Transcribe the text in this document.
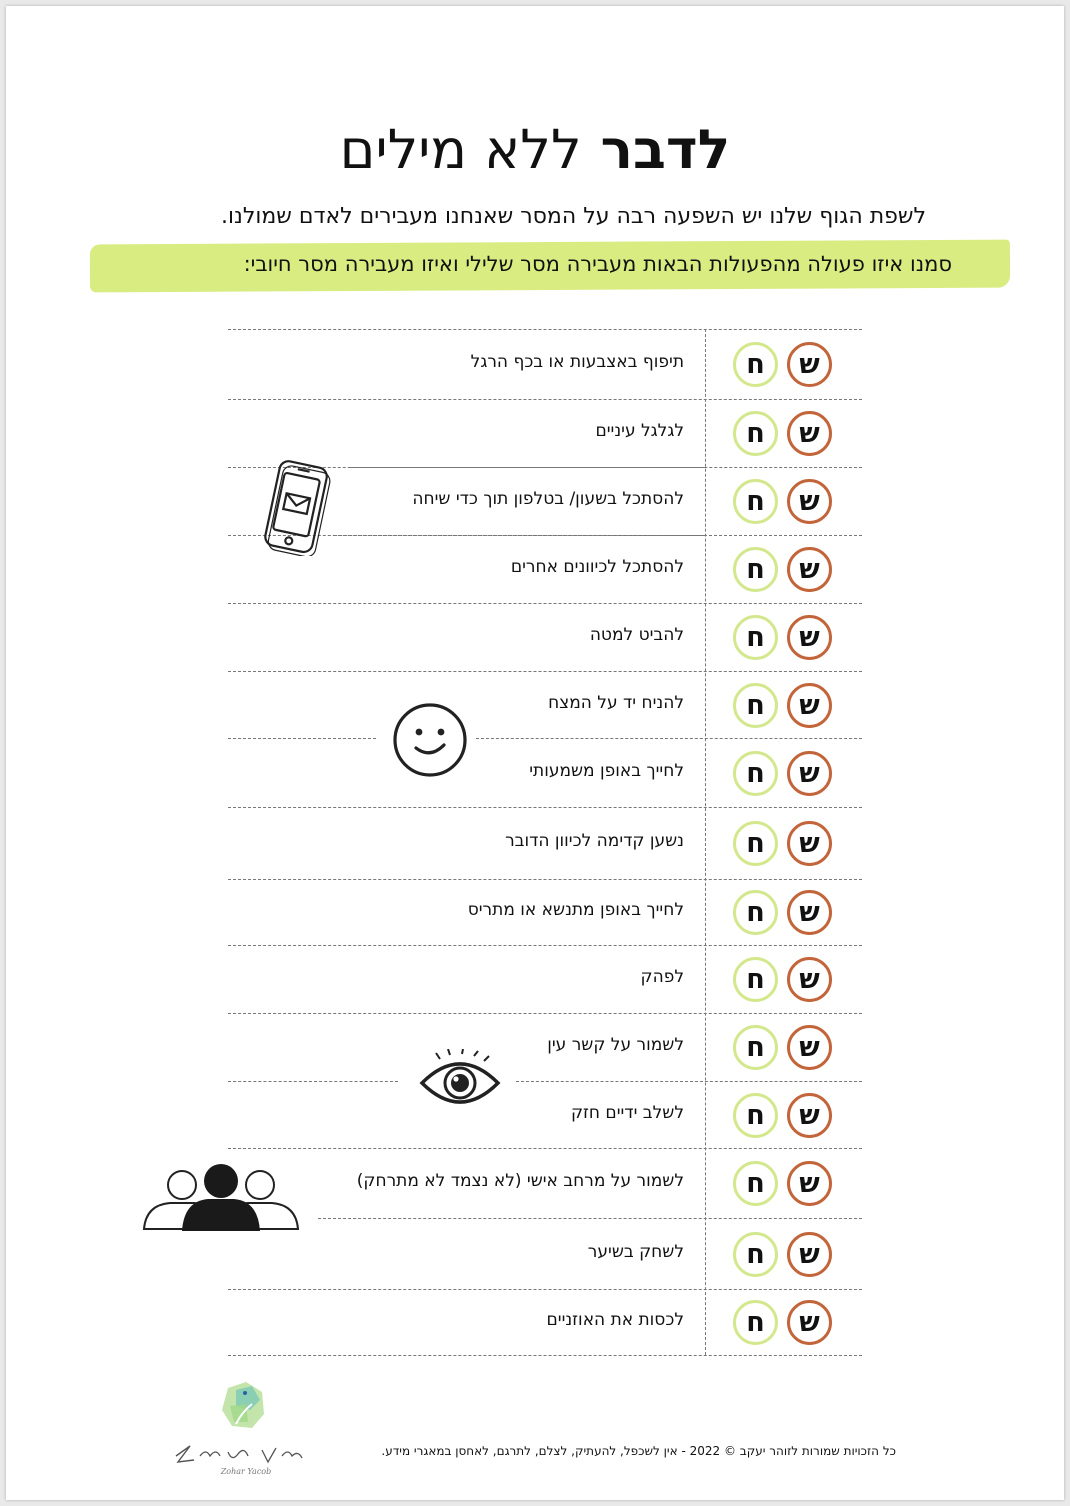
לדבר ללא מילים
לשפת הגוף שלנו יש השפעה רבה על המסר שאנחנו מעבירים לאדם שמולנו.
סמנו איזו פעולה מהפעולות הבאות מעבירה מסר שלילי ואיזו מעבירה מסר חיובי:
תיפוף באצבעות או בכף הרגל	ח	ש
לגלגל עיניים	ח	ש
להסתכל בשעון/ בטלפון תוך כדי שיחה	ח	ש
להסתכל לכיוונים אחרים	ח	ש
להביט למטה	ח	ש
להניח יד על המצח	ח	ש
לחייך באופן משמעותי	ח	ש
נשען קדימה לכיוון הדובר	ח	ש
לחייך באופן מתנשא או מתריס	ח	ש
לפהק	ח	ש
לשמור על קשר עין	ח	ש
לשלב ידיים חזק	ח	ש
לשמור על מרחב אישי (לא נצמד לא מתרחק)	ח	ש
לשחק בשיער	ח	ש
לכסות את האוזניים	ח	ש
Zohar Yacob
כל הזכויות שמורות לזוהר יעקב © 2022 - אין לשכפל, להעתיק, לצלם, לתרגם, לאחסן במאגרי מידע.
